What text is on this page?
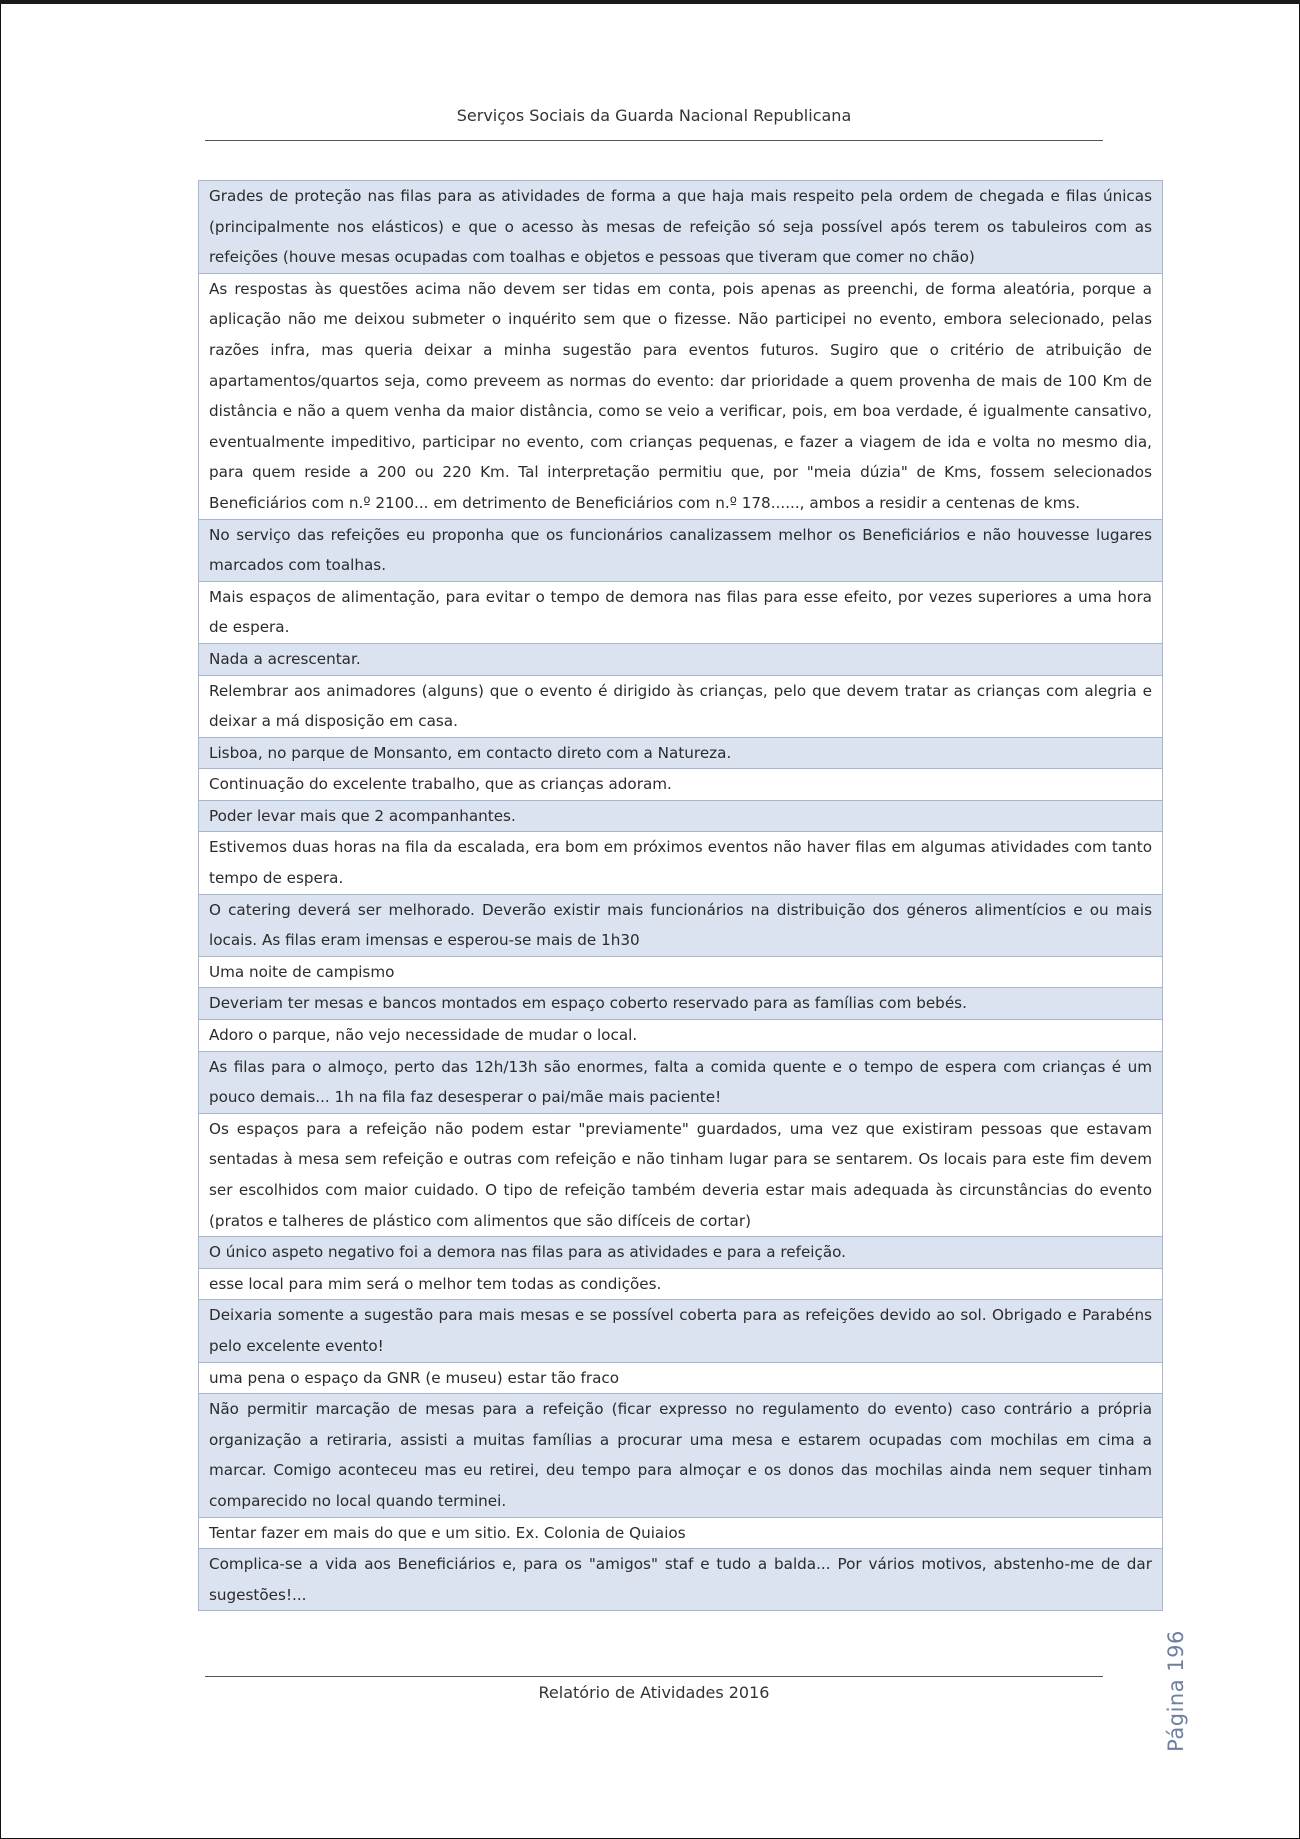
Serviços Sociais da Guarda Nacional Republicana
Grades de proteção nas filas para as atividades de forma a que haja mais respeito pela ordem de chegada e filas únicas (principalmente nos elásticos) e que o acesso às mesas de refeição só seja possível após terem os tabuleiros com as refeições (houve mesas ocupadas com toalhas e objetos e pessoas que tiveram que comer no chão)
As respostas às questões acima não devem ser tidas em conta, pois apenas as preenchi, de forma aleatória, porque a aplicação não me deixou submeter o inquérito sem que o fizesse. Não participei no evento, embora selecionado, pelas razões infra, mas queria deixar a minha sugestão para eventos futuros. Sugiro que o critério de atribuição de apartamentos/quartos seja, como preveem as normas do evento: dar prioridade a quem provenha de mais de 100 Km de distância e não a quem venha da maior distância, como se veio a verificar, pois, em boa verdade, é igualmente cansativo, eventualmente impeditivo, participar no evento, com crianças pequenas, e fazer a viagem de ida e volta no mesmo dia, para quem reside a 200 ou 220 Km. Tal interpretação permitiu que, por "meia dúzia" de Kms, fossem selecionados Beneficiários com n.º 2100... em detrimento de Beneficiários com n.º 178......, ambos a residir a centenas de kms.
No serviço das refeições eu proponha que os funcionários canalizassem melhor os Beneficiários e não houvesse lugares marcados com toalhas.
Mais espaços de alimentação, para evitar o tempo de demora nas filas para esse efeito, por vezes superiores a uma hora de espera.
Nada a acrescentar.
Relembrar aos animadores (alguns) que o evento é dirigido às crianças, pelo que devem tratar as crianças com alegria e deixar a má disposição em casa.
Lisboa, no parque de Monsanto, em contacto direto com a Natureza.
Continuação do excelente trabalho, que as crianças adoram.
Poder levar mais que 2 acompanhantes.
Estivemos duas horas na fila da escalada, era bom em próximos eventos não haver filas em algumas atividades com tanto tempo de espera.
O catering deverá ser melhorado. Deverão existir mais funcionários na distribuição dos géneros alimentícios e ou mais locais. As filas eram imensas e esperou-se mais de 1h30
Uma noite de campismo
Deveriam ter mesas e bancos montados em espaço coberto reservado para as famílias com bebés.
Adoro o parque, não vejo necessidade de mudar o local.
As filas para o almoço, perto das 12h/13h são enormes, falta a comida quente e o tempo de espera com crianças é um pouco demais... 1h na fila faz desesperar o pai/mãe mais paciente!
Os espaços para a refeição não podem estar "previamente" guardados, uma vez que existiram pessoas que estavam sentadas à mesa sem refeição e outras com refeição e não tinham lugar para se sentarem. Os locais para este fim devem ser escolhidos com maior cuidado. O tipo de refeição também deveria estar mais adequada às circunstâncias do evento (pratos e talheres de plástico com alimentos que são difíceis de cortar)
O único aspeto negativo foi a demora nas filas para as atividades e para a refeição.
esse local para mim será o melhor tem todas as condições.
Deixaria somente a sugestão para mais mesas e se possível coberta para as refeições devido ao sol. Obrigado e Parabéns pelo excelente evento!
uma pena o espaço da GNR (e museu) estar tão fraco
Não permitir marcação de mesas para a refeição (ficar expresso no regulamento do evento) caso contrário a própria organização a retiraria, assisti a muitas famílias a procurar uma mesa e estarem ocupadas com mochilas em cima a marcar. Comigo aconteceu mas eu retirei, deu tempo para almoçar e os donos das mochilas ainda nem sequer tinham comparecido no local quando terminei.
Tentar fazer em mais do que e um sitio. Ex. Colonia de Quiaios
Complica-se a vida aos Beneficiários e, para os "amigos" staf e tudo a balda... Por vários motivos, abstenho-me de dar sugestões!...
Página 196
Relatório de Atividades 2016
